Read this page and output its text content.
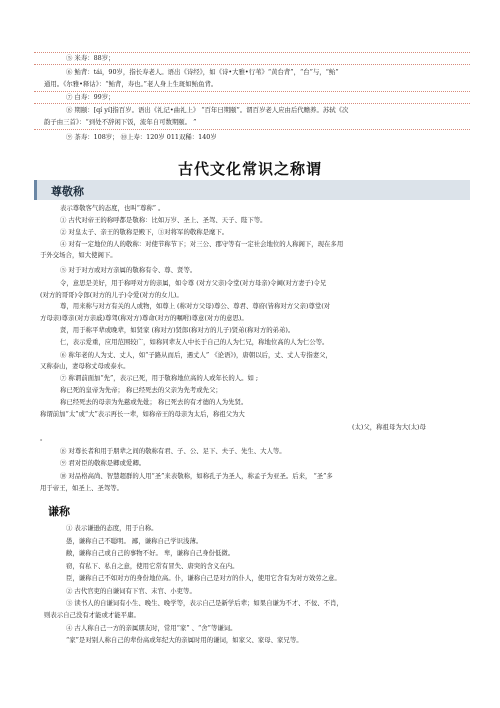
⑤ 米寿：88岁；
⑥ 鲐背：tái，90岁，指长寿老人。语出《诗经》，如《诗•大雅•行苇》“黄台背”，“台”与，“鲐”
通用。《尔雅•释诂》：“鲐背，寿也。”老人身上生斑如鲐鱼背。
⑦ 白寿：99岁；
⑧ 期颐：[qí yí]指百岁。语出《礼记•曲礼上》 “百年曰期颐”。谓百岁老人应由后代赡养。苏轼《次
韵子由三首》：“到处不辞闲下饭，流年自可数期颐。 ”
⑨ 茶寿：108岁； ⑩上寿：120岁 011双稀：140岁
古代文化常识之称谓
尊敬称
表示尊敬客气的态度，也叫“尊称” 。
① 古代对帝王的称呼都是敬称：比如万岁、圣上、圣驾、天子、陛下等。
② 对皇太子、亲王的敬称是殿下，③对将军的敬称是麾下。
④ 对有一定地位的人的敬称：对使节称节下；对三公、郡守等有一定社会地位的人称阁下，现在多用
于外交场合，如大使阁下。
⑤ 对于对方或对方亲属的敬称有令、尊、贤等。
令，意思是美好，用于称呼对方的亲属，如令尊 (对方父亲)令堂(对方母亲)令阃(对方妻子)令兄
(对方的哥哥)令郎(对方的儿子)令爱(对方的女儿)。
尊，用来称与对方有关的人或物，如尊上 (称对方父母)尊公、尊君、尊府(皆称对方父亲)尊堂(对
方母亲)尊亲(对方亲戚)尊驾(称对方)尊命(对方的嘱咐)尊意(对方的意思)。
贤，用于称平辈或晚辈，如贤家 (称对方)贤郎(称对方的儿子)贤弟(称对方的弟弟)。
仁，表示爱重，应用范围较广，如称同辈友人中长于自己的人为仁兄，称地位高的人为仁公等。
⑥ 称年老的人为丈、丈人，如“子路从而后，遇丈人” 《论语》)，唐朝以后，丈、丈人专指妻父，
又称泰山，妻母称丈母或泰水。
⑦ 称谓前面加“先”，表示已死，用于敬称地位高的人或年长的人。如 ;
称已死的皇帝为先帝； 称已经死去的父亲为先考或先父；
称已经死去的母亲为先慈或先妣； 称已死去的有才德的人为先贤。
称谓前加“太”或“大”表示再长一辈，如称帝王的母亲为太后，称祖父为大
(太)父，称祖母为大(太)母
。
⑧ 对尊长者和用于朋辈之间的敬称有君、子、公、足下、夫子、先生、大人等。
⑨ 君对臣的敬称是卿或爱卿。
⑩ 对品格高尚、智慧超群的人用“圣”来表敬称，如称孔子为圣人，称孟子为亚圣。后来， “圣”多
用于帝王，如圣上、圣驾等。
谦称
① 表示谦逊的态度，用于自称。
愚，谦称自己不聪明。 鄙，谦称自己学识浅薄。
敝，谦称自己或自己的事物不好。 卑，谦称自己身份低微。
窃，有私下、私自之意，使用它常有冒失、唐突的含义在内。
臣，谦称自己不如对方的身份地位高。仆，谦称自己是对方的仆人，使用它含有为对方效劳之意。
② 古代官吏的自谦词有下官、末官、小吏等。
③ 读书人的自谦词有小生、晚生、晚学等，表示自己是新学后辈；如果自谦为不才、不佞、不肖，
则表示自己没有才能或才能平庸。
④ 古人称自己一方的亲属朋友时，常用“家” 、“舍”等谦词。
“家”是对别人称自己的辈份高或年纪大的亲属时用的谦词，如家父、家母、家兄等。
